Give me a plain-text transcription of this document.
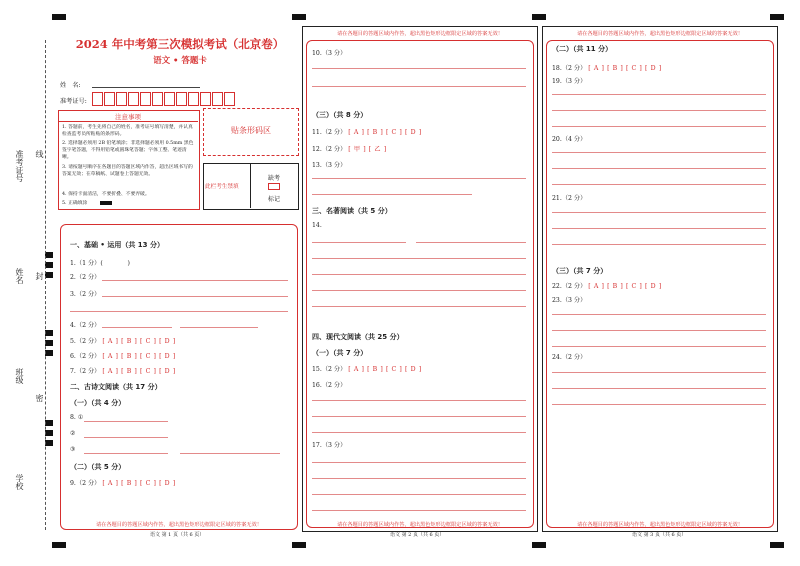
准考证号 线
姓名 封
班级
密
学校
2024 年中考第三次模拟考试（北京卷）
语文 • 答题卡
姓　名:
准考证号:
贴条形码区
注意事项
1. 答题前，考生先将自己的姓名，准考证号填写清楚，并认真检查监考员所粘贴的条形码。
2. 选择题必须用 2B 铅笔填涂；非选择题必须用 0.5mm 黑色签字笔答题，不得用铅笔或圆珠笔答题；字体工整、笔迹清晰。
3. 请按题号顺序在各题目的答题区域内作答，超出区域书写的答案无效；在草稿纸、试题卷上答题无效。
4. 保持卡面清洁，不要折叠、不要弄破。
5. 正确填涂
此栏考生禁填
缺考
标记
请在各题目的答题区域内作答，超出黑色矩形边框限定区域的答案无效！
语文 第 1 页（共 6 页）
一、基础 • 运用（共 13 分）
1.（1 分）(　　　　)
2.（2 分）
3.（2 分）
4.（2 分）
5.（2 分） [ A ] [ B ] [ C ] [ D ]
6.（2 分） [ A ] [ B ] [ C ] [ D ]
7.（2 分） [ A ] [ B ] [ C ] [ D ]
二、古诗文阅读（共 17 分）
（一）（共 4 分）
8. ①
②
③
（二）（共 5 分）
9.（2 分） [ A ] [ B ] [ C ] [ D ]
请在各题目的答题区域内作答，超出黑色矩形边框限定区域的答案无效！
请在各题目的答题区域内作答，超出黑色矩形边框限定区域的答案无效！
语文 第 2 页（共 6 页）
10.（3 分）
（三）（共 8 分）
11.（2 分） [ A ] [ B ] [ C ] [ D ]
12.（2 分） [ 甲 ] [ 乙 ]
13.（3 分）
三、名著阅读（共 5 分）
14.
四、现代文阅读（共 25 分）
（一）（共 7 分）
15.（2 分） [ A ] [ B ] [ C ] [ D ]
16.（2 分）
17.（3 分）
请在各题目的答题区域内作答，超出黑色矩形边框限定区域的答案无效！
请在各题目的答题区域内作答，超出黑色矩形边框限定区域的答案无效！
语文 第 3 页（共 6 页）
（二）（共 11 分）
18.（2 分） [ A ] [ B ] [ C ] [ D ]
19.（3 分）
20.（4 分）
21.（2 分）
（三）（共 7 分）
22.（2 分） [ A ] [ B ] [ C ] [ D ]
23.（3 分）
24.（2 分）
